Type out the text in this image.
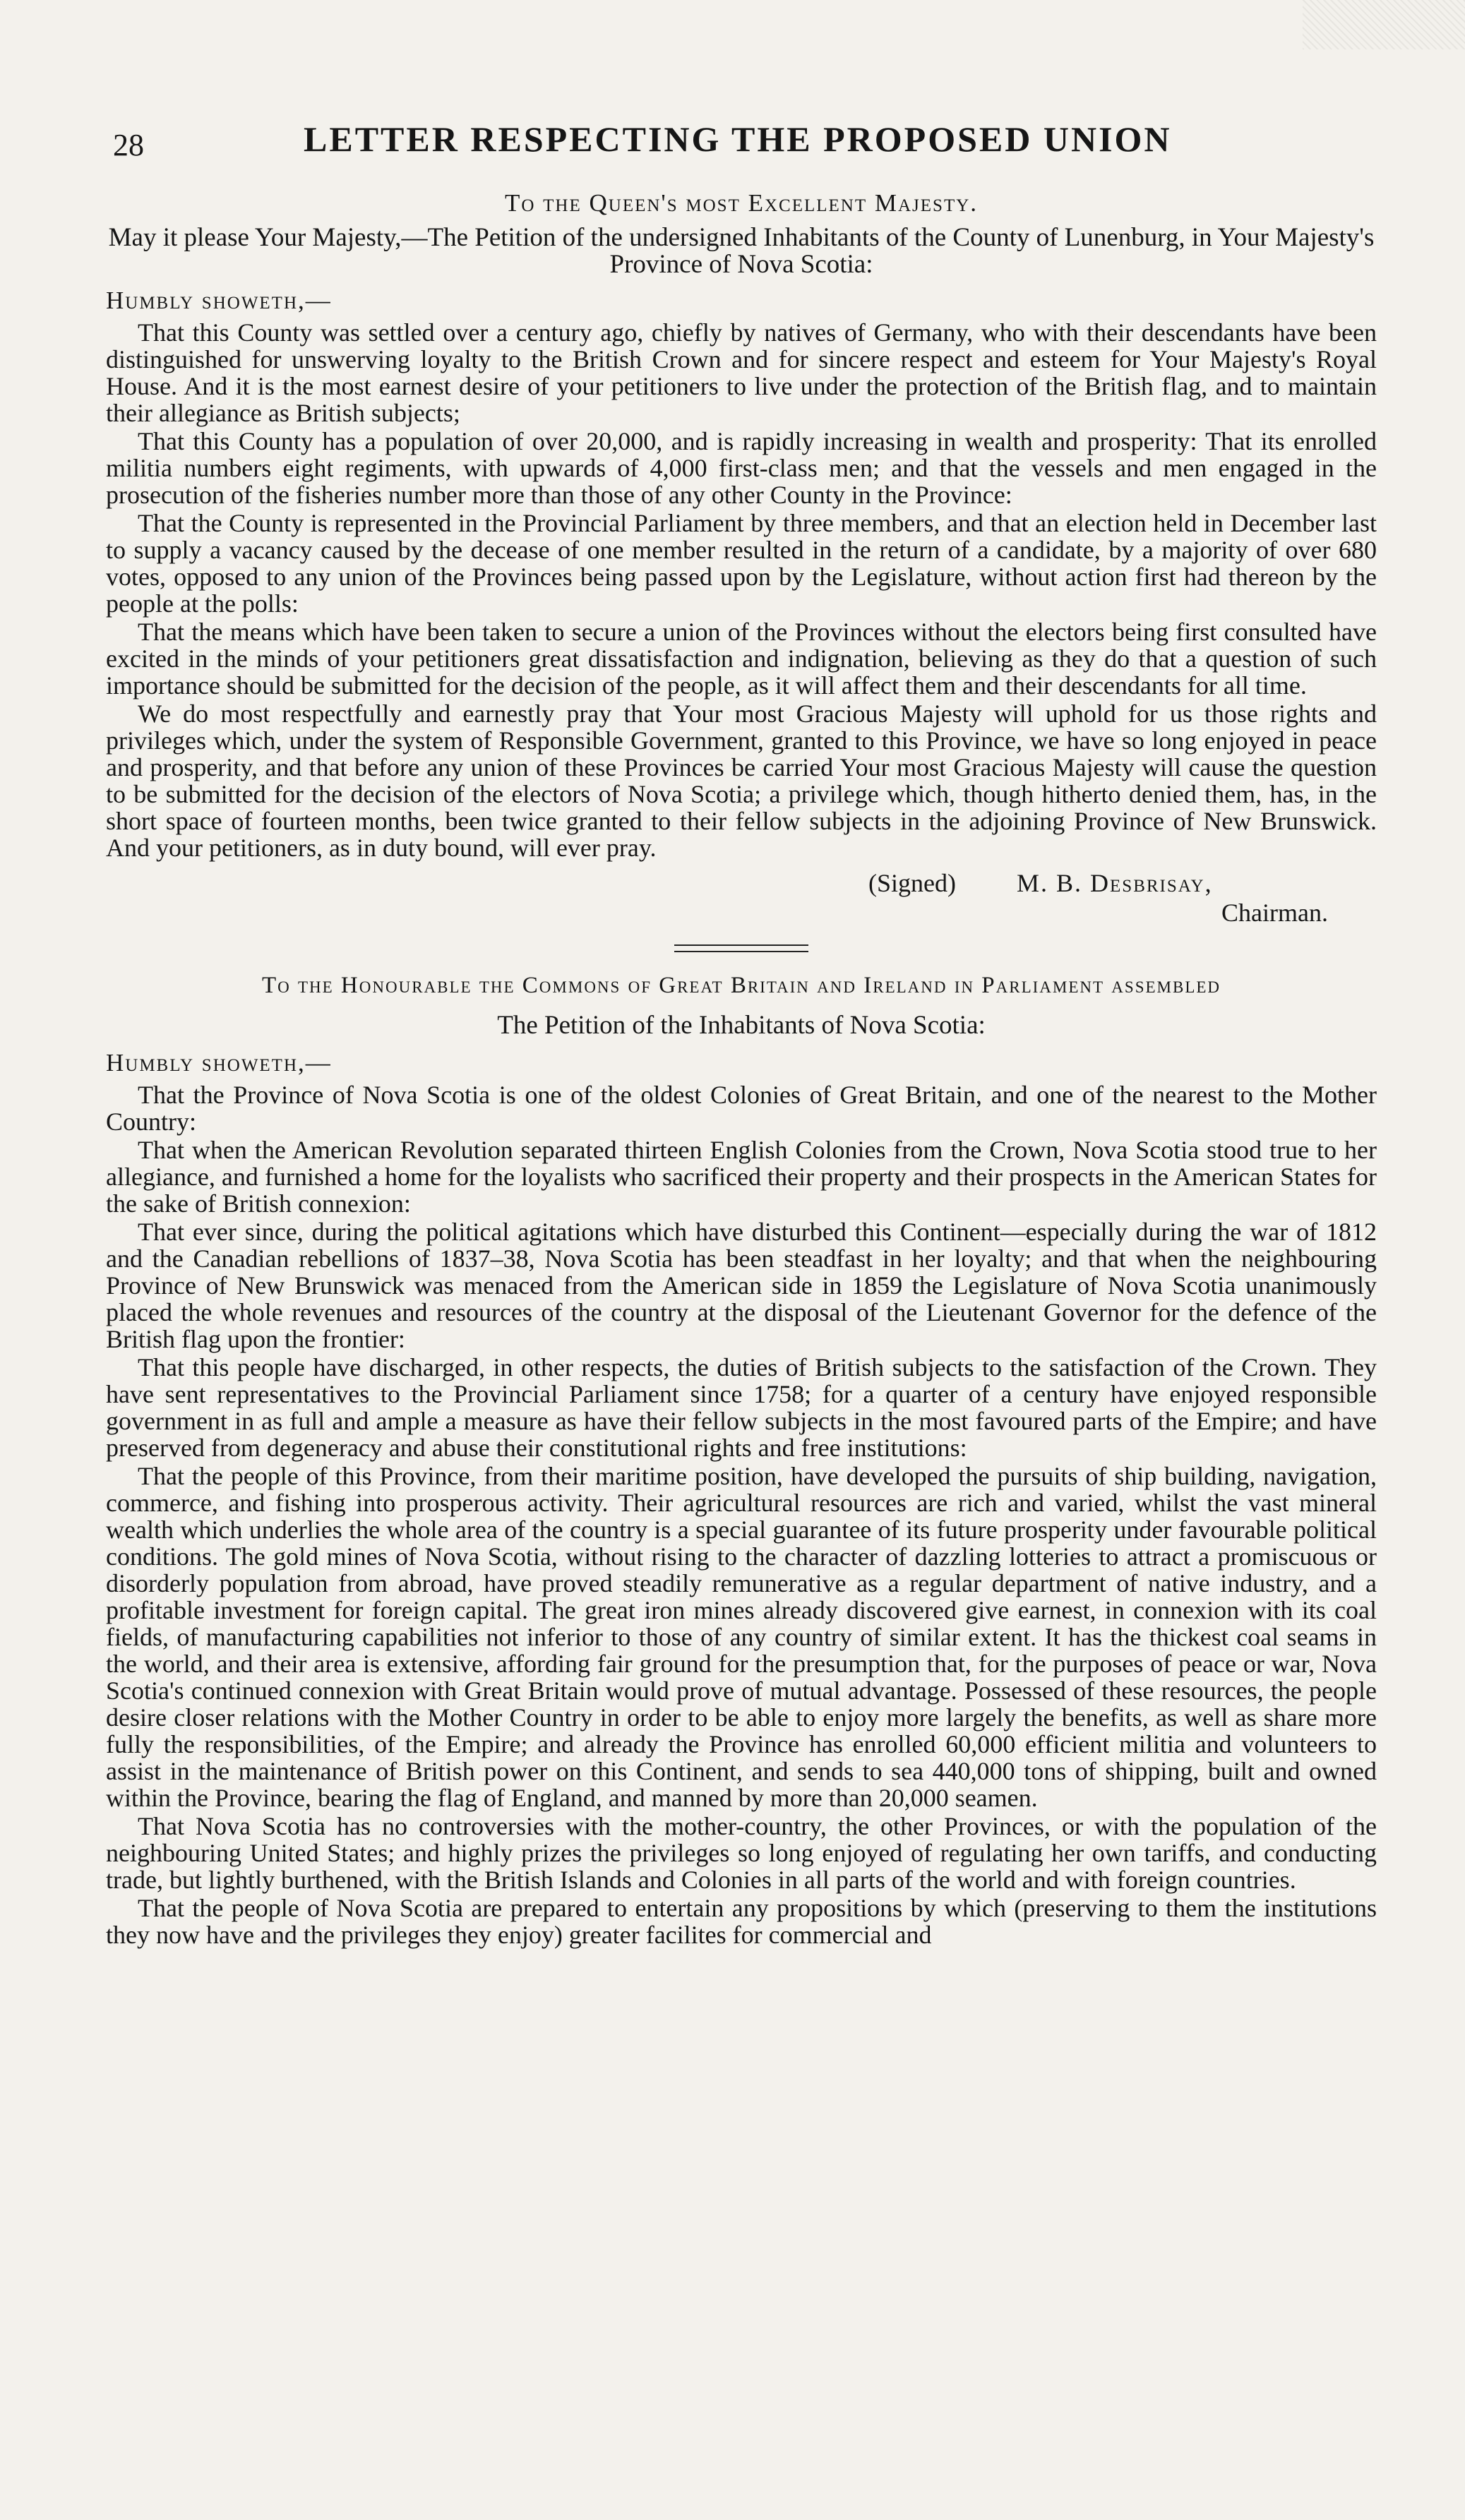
28	LETTER RESPECTING THE PROPOSED UNION
To the Queen's most Excellent Majesty.
May it please Your Majesty,—The Petition of the undersigned Inhabitants of the County of Lunenburg, in Your Majesty's Province of Nova Scotia:
Humbly showeth,—

That this County was settled over a century ago, chiefly by natives of Germany, who with their descendants have been distinguished for unswerving loyalty to the British Crown and for sincere respect and esteem for Your Majesty's Royal House. And it is the most earnest desire of your petitioners to live under the protection of the British flag, and to maintain their allegiance as British subjects;

That this County has a population of over 20,000, and is rapidly increasing in wealth and prosperity: That its enrolled militia numbers eight regiments, with upwards of 4,000 first-class men; and that the vessels and men engaged in the prosecution of the fisheries number more than those of any other County in the Province:

That the County is represented in the Provincial Parliament by three members, and that an election held in December last to supply a vacancy caused by the decease of one member resulted in the return of a candidate, by a majority of over 680 votes, opposed to any union of the Provinces being passed upon by the Legislature, without action first had thereon by the people at the polls:

That the means which have been taken to secure a union of the Provinces without the electors being first consulted have excited in the minds of your petitioners great dissatisfaction and indignation, believing as they do that a question of such importance should be submitted for the decision of the people, as it will affect them and their descendants for all time.

We do most respectfully and earnestly pray that Your most Gracious Majesty will uphold for us those rights and privileges which, under the system of Responsible Government, granted to this Province, we have so long enjoyed in peace and prosperity, and that before any union of these Provinces be carried Your most Gracious Majesty will cause the question to be submitted for the decision of the electors of Nova Scotia; a privilege which, though hitherto denied them, has, in the short space of fourteen months, been twice granted to their fellow subjects in the adjoining Province of New Brunswick. And your petitioners, as in duty bound, will ever pray.

(Signed) M. B. Desbrisay,
Chairman.
To the Honourable the Commons of Great Britain and Ireland in Parliament assembled
The Petition of the Inhabitants of Nova Scotia:
Humbly showeth,—

That the Province of Nova Scotia is one of the oldest Colonies of Great Britain, and one of the nearest to the Mother Country:

That when the American Revolution separated thirteen English Colonies from the Crown, Nova Scotia stood true to her allegiance, and furnished a home for the loyalists who sacrificed their property and their prospects in the American States for the sake of British connexion:

That ever since, during the political agitations which have disturbed this Continent—especially during the war of 1812 and the Canadian rebellions of 1837–38, Nova Scotia has been steadfast in her loyalty; and that when the neighbouring Province of New Brunswick was menaced from the American side in 1859 the Legislature of Nova Scotia unanimously placed the whole revenues and resources of the country at the disposal of the Lieutenant Governor for the defence of the British flag upon the frontier:

That this people have discharged, in other respects, the duties of British subjects to the satisfaction of the Crown. They have sent representatives to the Provincial Parliament since 1758; for a quarter of a century have enjoyed responsible government in as full and ample a measure as have their fellow subjects in the most favoured parts of the Empire; and have preserved from degeneracy and abuse their constitutional rights and free institutions:

That the people of this Province, from their maritime position, have developed the pursuits of ship building, navigation, commerce, and fishing into prosperous activity. Their agricultural resources are rich and varied, whilst the vast mineral wealth which underlies the whole area of the country is a special guarantee of its future prosperity under favourable political conditions. The gold mines of Nova Scotia, without rising to the character of dazzling lotteries to attract a promiscuous or disorderly population from abroad, have proved steadily remunerative as a regular department of native industry, and a profitable investment for foreign capital. The great iron mines already discovered give earnest, in connexion with its coal fields, of manufacturing capabilities not inferior to those of any country of similar extent. It has the thickest coal seams in the world, and their area is extensive, affording fair ground for the presumption that, for the purposes of peace or war, Nova Scotia's continued connexion with Great Britain would prove of mutual advantage. Possessed of these resources, the people desire closer relations with the Mother Country in order to be able to enjoy more largely the benefits, as well as share more fully the responsibilities, of the Empire; and already the Province has enrolled 60,000 efficient militia and volunteers to assist in the maintenance of British power on this Continent, and sends to sea 440,000 tons of shipping, built and owned within the Province, bearing the flag of England, and manned by more than 20,000 seamen.

That Nova Scotia has no controversies with the mother-country, the other Provinces, or with the population of the neighbouring United States; and highly prizes the privileges so long enjoyed of regulating her own tariffs, and conducting trade, but lightly burthened, with the British Islands and Colonies in all parts of the world and with foreign countries.

That the people of Nova Scotia are prepared to entertain any propositions by which (preserving to them the institutions they now have and the privileges they enjoy) greater facilites for commercial and
